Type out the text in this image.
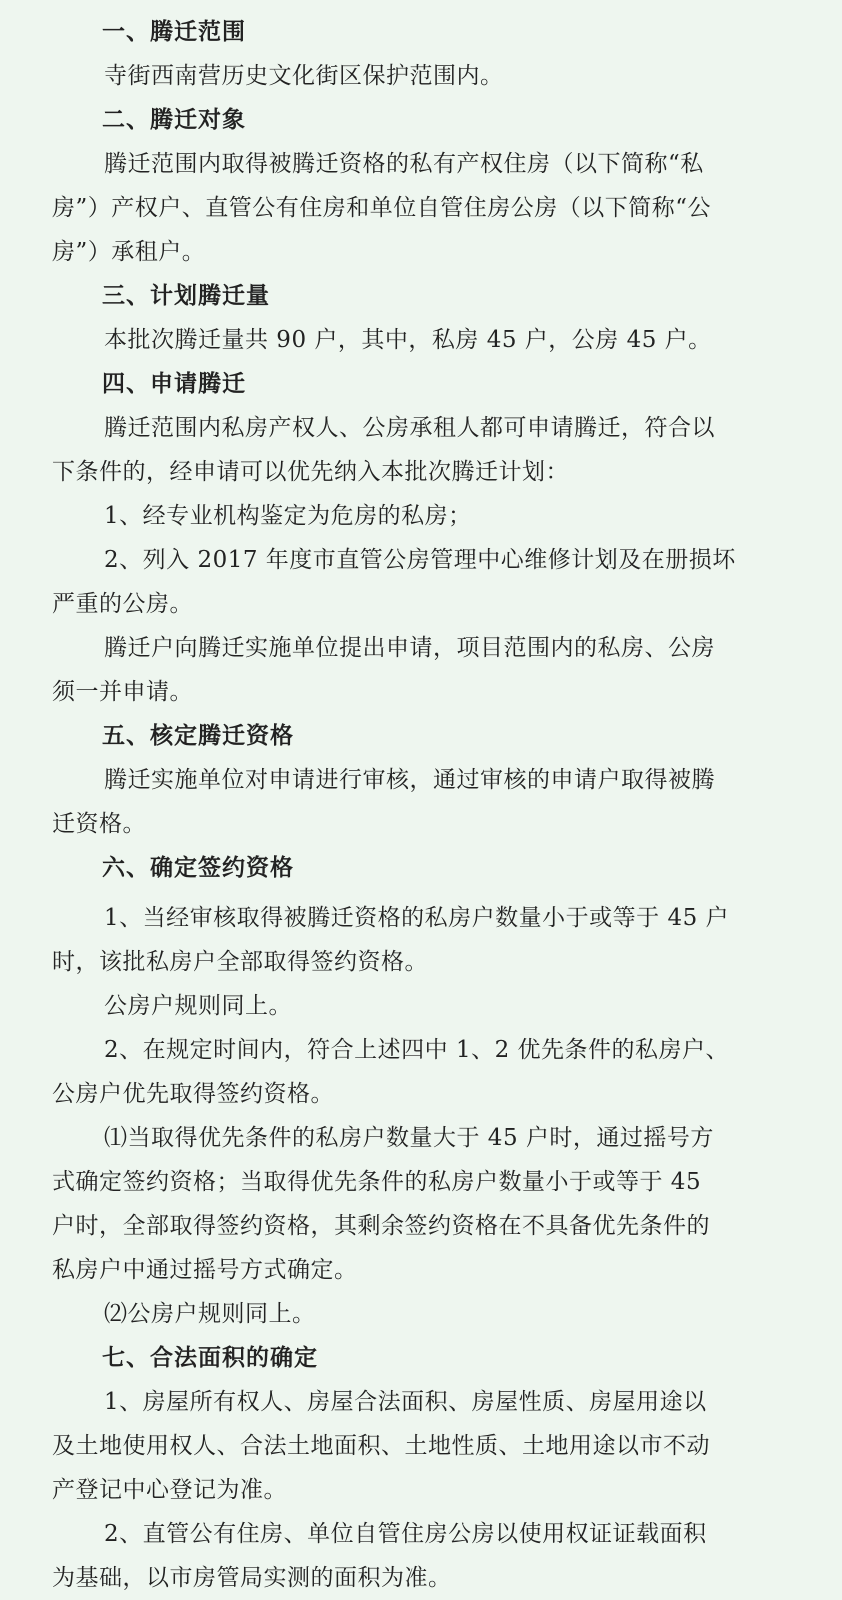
一、腾迁范围
寺街西南营历史文化街区保护范围内。
二、腾迁对象
腾迁范围内取得被腾迁资格的私有产权住房（以下简称“私
房”）产权户、直管公有住房和单位自管住房公房（以下简称“公
房”）承租户。
三、计划腾迁量
本批次腾迁量共 90 户，其中，私房 45 户，公房 45 户。
四、申请腾迁
腾迁范围内私房产权人、公房承租人都可申请腾迁，符合以
下条件的，经申请可以优先纳入本批次腾迁计划：
1、经专业机构鉴定为危房的私房；
2、列入 2017 年度市直管公房管理中心维修计划及在册损坏
严重的公房。
腾迁户向腾迁实施单位提出申请，项目范围内的私房、公房
须一并申请。
五、核定腾迁资格
腾迁实施单位对申请进行审核，通过审核的申请户取得被腾
迁资格。
六、确定签约资格
1、当经审核取得被腾迁资格的私房户数量小于或等于 45 户
时，该批私房户全部取得签约资格。
公房户规则同上。
2、在规定时间内，符合上述四中 1、2 优先条件的私房户、
公房户优先取得签约资格。
⑴当取得优先条件的私房户数量大于 45 户时，通过摇号方
式确定签约资格；当取得优先条件的私房户数量小于或等于 45
户时，全部取得签约资格，其剩余签约资格在不具备优先条件的
私房户中通过摇号方式确定。
⑵公房户规则同上。
七、合法面积的确定
1、房屋所有权人、房屋合法面积、房屋性质、房屋用途以
及土地使用权人、合法土地面积、土地性质、土地用途以市不动
产登记中心登记为准。
2、直管公有住房、单位自管住房公房以使用权证证载面积
为基础，以市房管局实测的面积为准。
